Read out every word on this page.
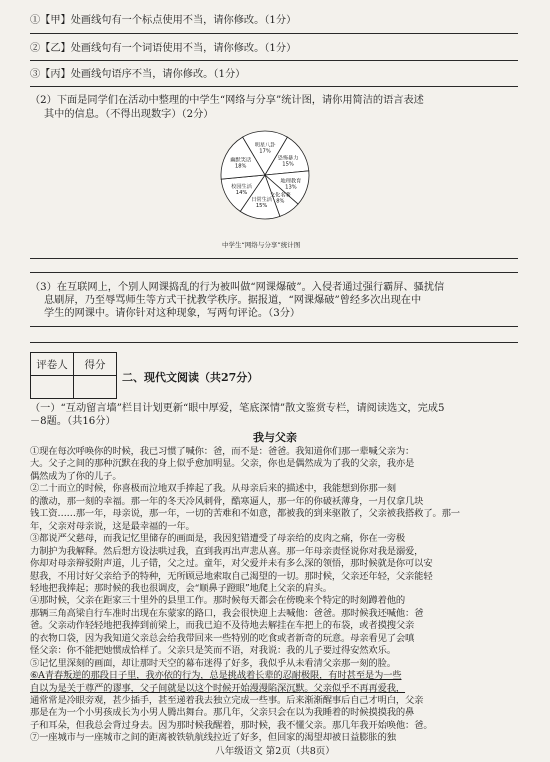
①【甲】处画线句有一个标点使用不当，请你修改。（1分）
②【乙】处画线句有一个词语使用不当，请你修改。（1分）
③【丙】处画线句语序不当，请你修改。（1分）
（2）下面是同学们在活动中整理的中学生“网络与分享”统计图，请你用简洁的语言表述
其中的信息。（不得出现数字）（2分）
明星八卦 17%
恐怖暴力 15%
地理教育 13%
文化名著 8%
日常生活 15%
校园生活 14%
幽默笑话 18%
中学生“网络与分享”统计图
（3）在互联网上，个别人网课捣乱的行为被叫做“网课爆破”。入侵者通过强行霸屏、骚扰信
息刷屏，乃至辱骂师生等方式干扰教学秩序。据报道，“网课爆破”曾经多次出现在中
学生的网课中。请你针对这种现象，写两句评论。（3分）
评卷人	得分

二、现代文阅读（共27分）
（一）“互动留言墙”栏目计划更新“眼中厚爱，笔底深情”散文鉴赏专栏，请阅读选文，完成5
－8题。（共16分）
我与父亲
①现在每次呼唤你的时候，我已习惯了喊你：爸，而不是：爸爸。我知道你们那一辈喊父亲为：
大。父子之间的那种沉默在我的身上似乎愈加明显。父亲，你也是偶然成为了我的父亲，我亦是
偶然成为了你的儿子。
②二十而立的时候，你喜极而泣地双手捧起了我。从母亲后来的描述中，我能想到你那一刻
的激动，那一刻的幸福。那一年的冬天冷风刺骨，酷寒逼人，那一年的你破袄薄身，一月仅拿几块
钱工资……那一年，母亲说，那一年，一切的苦难和不如意，都被我的到来驱散了，父亲被我搭救了。那一
年，父亲对母亲说，这是最幸福的一年。
③都说严父慈母，而我记忆里储存的画面是，我因犯错遭受了母亲给的皮肉之痛，你在一旁极
力制护为我解释。然后想方设法哄过我，直到我再出声悲从喜。那一年母亲责怪说你对我是溺爱，
你却对母亲辩驳附声道，儿子错，父之过。童年，对父爱并未有多么深的领悟，那时候就是你可以安
慰我，不用讨好父亲给予的特种，无所顾忌地索取自己渴望的一切。那时候，父亲还年轻，父亲能轻
轻地把我捧起；那时候的我也很调皮，会“顺鼻子蹬眼”地爬上父亲的肩头。
④那时候，父亲在距家三十里外的县里工作。那时候每天都会在傍晚来个特定的时刻蹲着他的
那辆三角高梁自行车准时出现在东蒙家的路口，我会很快迎上去喊他：爸爸。那时候我还喊他：爸
爸。父亲动作轻轻地把我捧到前梁上，而我已迫不及待地去解挂在车把上的布袋，或者摸搜父亲
的衣物口袋，因为我知道父亲总会给我带回来一些特别的吃食或者新奇的玩意。母亲看见了会嗔
怪父亲：你不能把她惯成恰样了。父亲只是笑而不语，对我说：我的儿子要过得安然欢乐。
⑤记忆里深刻的画面，却让那时天空的幕布迷得了好多，我似乎从未看清父亲那一刻的脸。
⑥A青春叛逆的那段日子里，我亦依的行为，总是挑战着长辈的忍耐极限，有时甚至是为一些
自以为是关于尊严的谬事，父子间就是以这个时候开始漫漫陷深沉默。父亲似乎不再再爱我，
通常常是冷眼旁观，甚少插手，甚至递着我去独立完成一些事。后来渐渐醒事后自己才明白，父亲
那是在为一个小男孩成长为小男人腾出舞台。那几年，父亲只会在以为我睡着的时候摸摸我的鼻
子和耳朵，但我总会背过身去。因为那时候我醒着，那时候，我不懂父亲。那几年我开始唤他：爸。
⑦一座城市与一座城市之间的距离被铁轨航线拉近了好多，但回家的渴望却被日益膨胀的独
八年级语文 第2页（共8页）
